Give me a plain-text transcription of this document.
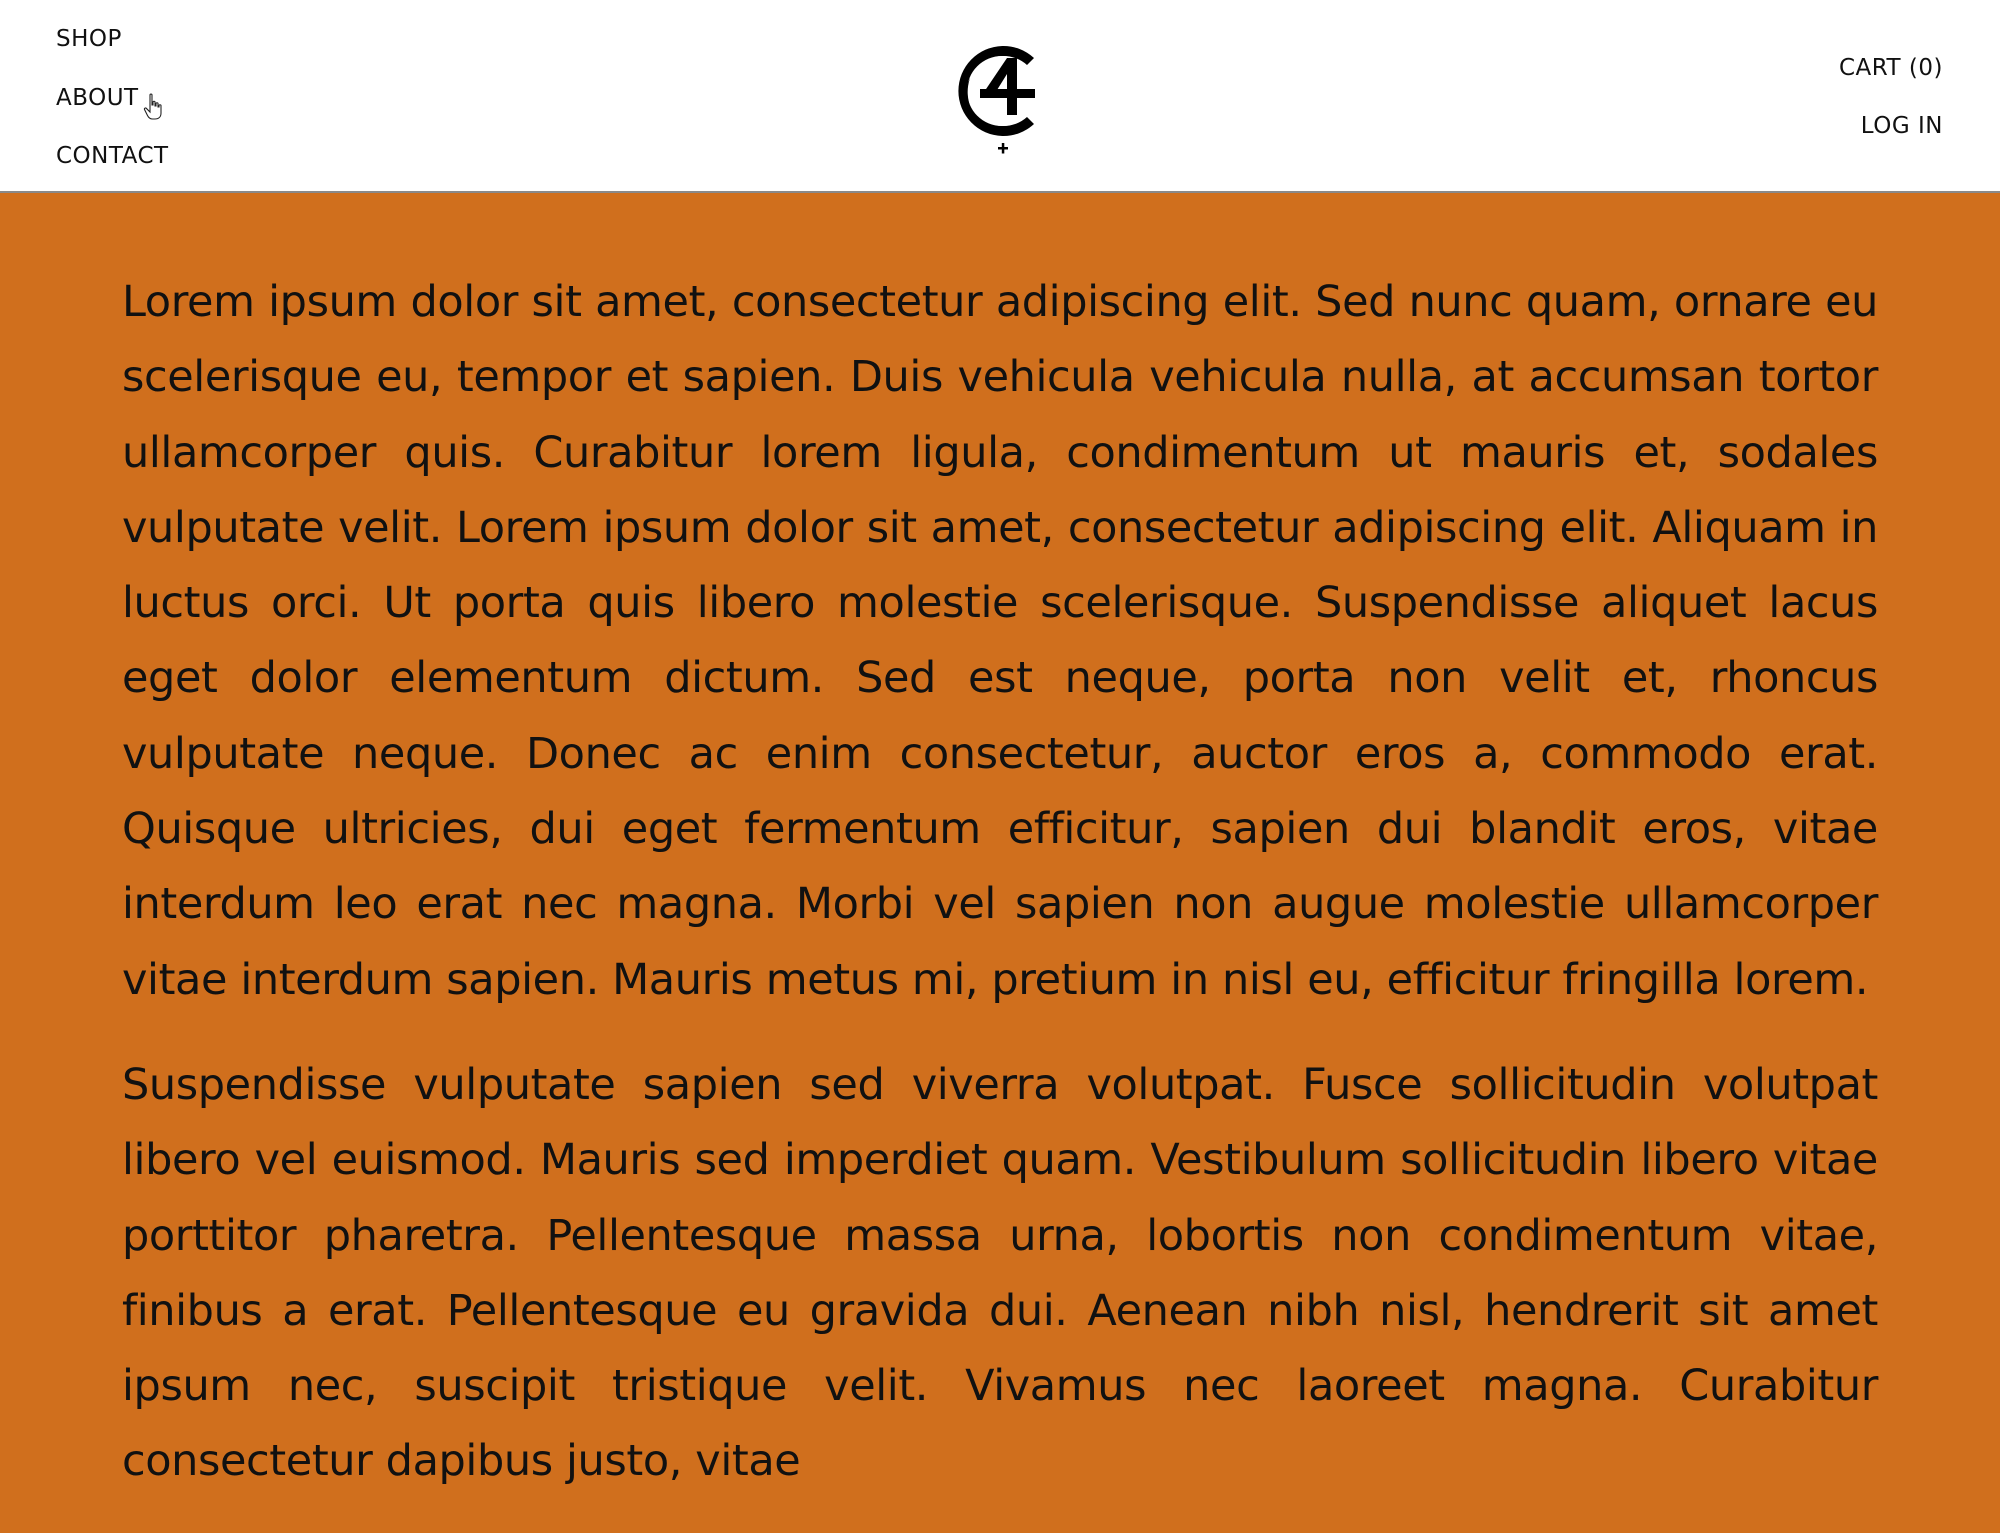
SHOP
ABOUT
CONTACT
CART (0)
LOG IN

Lorem ipsum dolor sit amet, consectetur adipiscing elit. Sed nunc quam, ornare eu scelerisque eu, tempor et sapien. Duis vehicula vehicula nulla, at accumsan tortor ullamcorper quis. Curabitur lorem ligula, condimentum ut mauris et, sodales vulputate velit. Lorem ipsum dolor sit amet, consectetur adipiscing elit. Aliquam in luctus orci. Ut porta quis libero molestie scelerisque. Suspendisse aliquet lacus eget dolor elementum dictum. Sed est neque, porta non velit et, rhoncus vulputate neque. Donec ac enim consectetur, auctor eros a, commodo erat. Quisque ultricies, dui eget fermentum efficitur, sapien dui blandit eros, vitae interdum leo erat nec magna. Morbi vel sapien non augue molestie ullamcorper vitae interdum sapien. Mauris metus mi, pretium in nisl eu, efficitur fringilla lorem.

Suspendisse vulputate sapien sed viverra volutpat. Fusce sollicitudin volutpat libero vel euismod. Mauris sed imperdiet quam. Vestibulum sollicitudin libero vitae porttitor pharetra. Pellentesque massa urna, lobortis non condimentum vitae, finibus a erat. Pellentesque eu gravida dui. Aenean nibh nisl, hendrerit sit amet ipsum nec, suscipit tristique velit. Vivamus nec laoreet magna. Curabitur consectetur dapibus justo, vitae
